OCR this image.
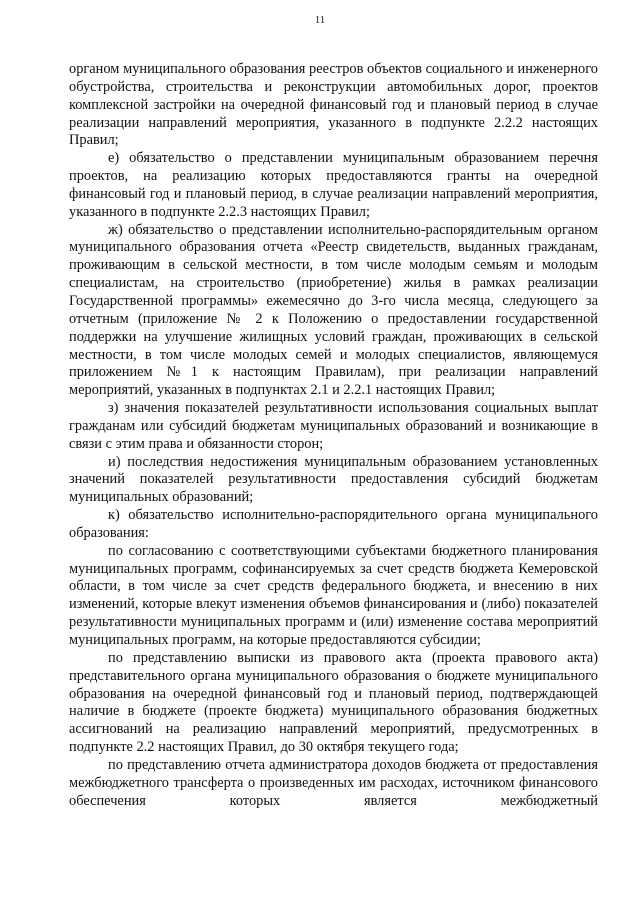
11

органом муниципального образования реестров объектов социального и инженерного обустройства, строительства и реконструкции автомобильных дорог, проектов комплексной застройки на очередной финансовый год и плановый период в случае реализации направлений мероприятия, указанного в подпункте 2.2.2 настоящих Правил;

е) обязательство о представлении муниципальным образованием перечня проектов, на реализацию которых предоставляются гранты на очередной финансовый год и плановый период, в случае реализации направлений мероприятия, указанного в подпункте 2.2.3 настоящих Правил;

ж) обязательство о представлении исполнительно-распорядительным органом муниципального образования отчета «Реестр свидетельств, выданных гражданам, проживающим в сельской местности, в том числе молодым семьям и молодым специалистам, на строительство (приобретение) жилья в рамках реализации Государственной программы» ежемесячно до 3-го числа месяца, следующего за отчетным (приложение № 2 к Положению о предоставлении государственной поддержки на улучшение жилищных условий граждан, проживающих в сельской местности, в том числе молодых семей и молодых специалистов, являющемуся приложением №1 к настоящим Правилам), при реализации направлений мероприятий, указанных в подпунктах 2.1 и 2.2.1 настоящих Правил;

з) значения показателей результативности использования социальных выплат гражданам или субсидий бюджетам муниципальных образований и возникающие в связи с этим права и обязанности сторон;

и) последствия недостижения муниципальным образованием установленных значений показателей результативности предоставления субсидий бюджетам муниципальных образований;

к) обязательство исполнительно-распорядительного органа муниципального образования:

по согласованию с соответствующими субъектами бюджетного планирования муниципальных программ, софинансируемых за счет средств бюджета Кемеровской области, в том числе за счет средств федерального бюджета, и внесению в них изменений, которые влекут изменения объемов финансирования и (либо) показателей результативности муниципальных программ и (или) изменение состава мероприятий муниципальных программ, на которые предоставляются субсидии;

по представлению выписки из правового акта (проекта правового акта) представительного органа муниципального образования о бюджете муниципального образования на очередной финансовый год и плановый период, подтверждающей наличие в бюджете (проекте бюджета) муниципального образования бюджетных ассигнований на реализацию направлений мероприятий, предусмотренных в подпункте 2.2 настоящих Правил, до 30 октября текущего года;

по представлению отчета администратора доходов бюджета от предоставления межбюджетного трансферта о произведенных им расходах, источником финансового обеспечения которых является межбюджетный
